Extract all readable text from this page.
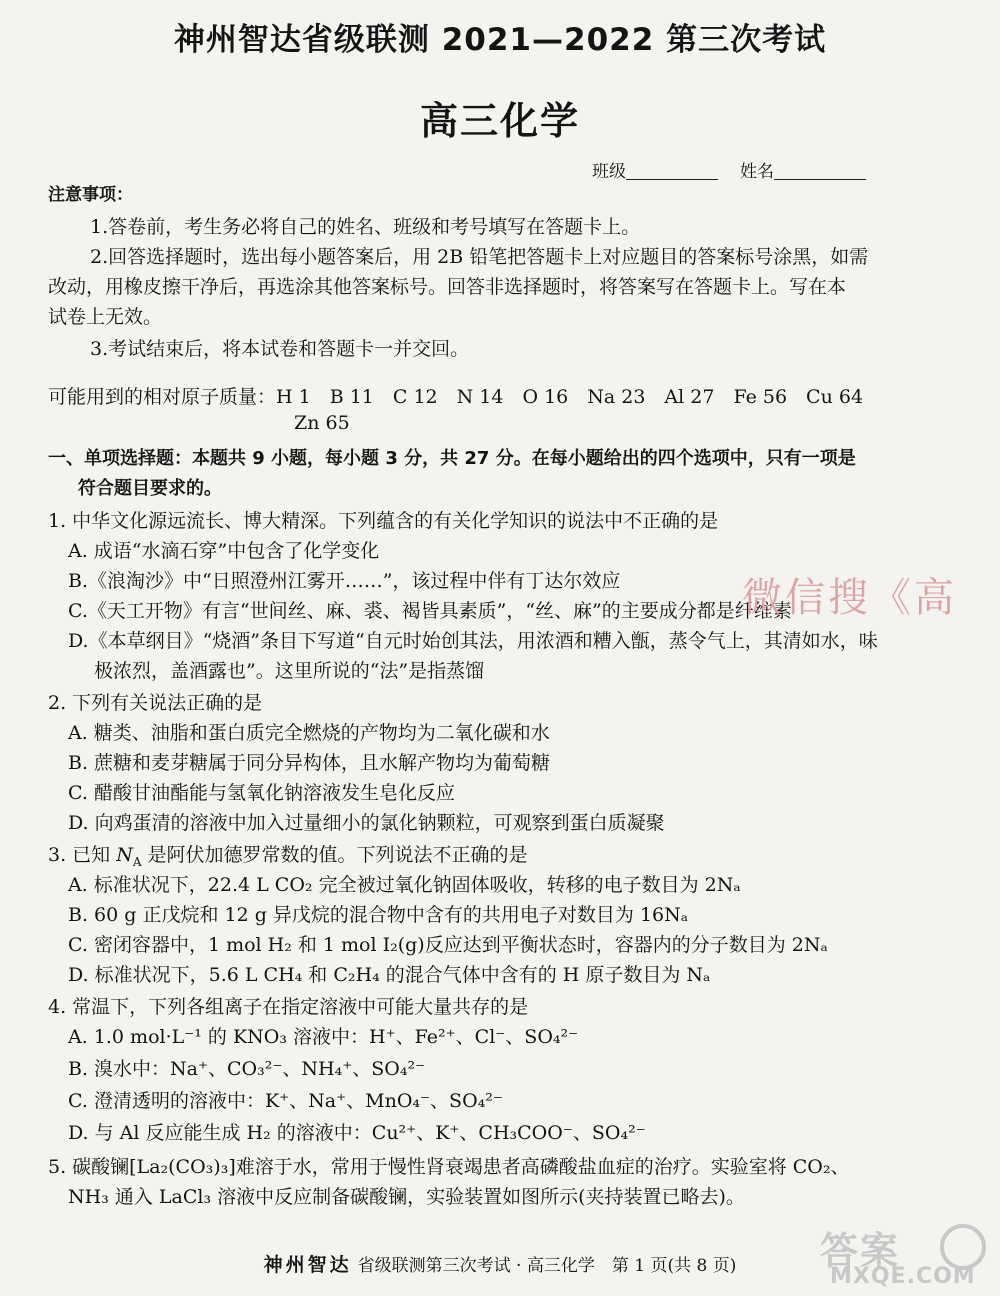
神州智达省级联测 2021—2022 第三次考试
高三化学
班级	姓名
注意事项：
1.答卷前，考生务必将自己的姓名、班级和考号填写在答题卡上。
2.回答选择题时，选出每小题答案后，用 2B 铅笔把答题卡上对应题目的答案标号涂黑，如需
改动，用橡皮擦干净后，再选涂其他答案标号。回答非选择题时，将答案写在答题卡上。写在本
试卷上无效。
3.考试结束后，将本试卷和答题卡一并交回。
可能用到的相对原子质量：H 1　B 11　C 12　N 14　O 16　Na 23　Al 27　Fe 56　Cu 64
Zn 65
一、单项选择题：本题共 9 小题，每小题 3 分，共 27 分。在每小题给出的四个选项中，只有一项是
符合题目要求的。
1. 中华文化源远流长、博大精深。下列蕴含的有关化学知识的说法中不正确的是
A. 成语“水滴石穿”中包含了化学变化
B.《浪淘沙》中“日照澄州江雾开……”，该过程中伴有丁达尔效应
C.《天工开物》有言“世间丝、麻、裘、褐皆具素质”，“丝、麻”的主要成分都是纤维素
D.《本草纲目》“烧酒”条目下写道“自元时始创其法，用浓酒和糟入甑，蒸令气上，其清如水，味
极浓烈，盖酒露也”。这里所说的“法”是指蒸馏
2. 下列有关说法正确的是
A. 糖类、油脂和蛋白质完全燃烧的产物均为二氧化碳和水
B. 蔗糖和麦芽糖属于同分异构体，且水解产物均为葡萄糖
C. 醋酸甘油酯能与氢氧化钠溶液发生皂化反应
D. 向鸡蛋清的溶液中加入过量细小的氯化钠颗粒，可观察到蛋白质凝聚
3. 已知 $N_A$ 是阿伏加德罗常数的值。下列说法不正确的是
A. 标准状况下，22.4 L CO₂ 完全被过氧化钠固体吸收，转移的电子数目为 2Nₐ
B. 60 g 正戊烷和 12 g 异戊烷的混合物中含有的共用电子对数目为 16Nₐ
C. 密闭容器中，1 mol H₂ 和 1 mol I₂(g)反应达到平衡状态时，容器内的分子数目为 2Nₐ
D. 标准状况下，5.6 L CH₄ 和 C₂H₄ 的混合气体中含有的 H 原子数目为 Nₐ
4. 常温下，下列各组离子在指定溶液中可能大量共存的是
A. 1.0 mol·L⁻¹ 的 KNO₃ 溶液中：H⁺、Fe²⁺、Cl⁻、SO₄²⁻
B. 溴水中：Na⁺、CO₃²⁻、NH₄⁺、SO₄²⁻
C. 澄清透明的溶液中：K⁺、Na⁺、MnO₄⁻、SO₄²⁻
D. 与 Al 反应能生成 H₂ 的溶液中：Cu²⁺、K⁺、CH₃COO⁻、SO₄²⁻
5. 碳酸镧[La₂(CO₃)₃]难溶于水，常用于慢性肾衰竭患者高磷酸盐血症的治疗。实验室将 CO₂、
NH₃ 通入 LaCl₃ 溶液中反应制备碳酸镧，实验装置如图所示(夹持装置已略去)。
微信搜《高
神州智达 省级联测第三次考试 · 高三化学　第 1 页(共 8 页)	答案
MXQE.COM
